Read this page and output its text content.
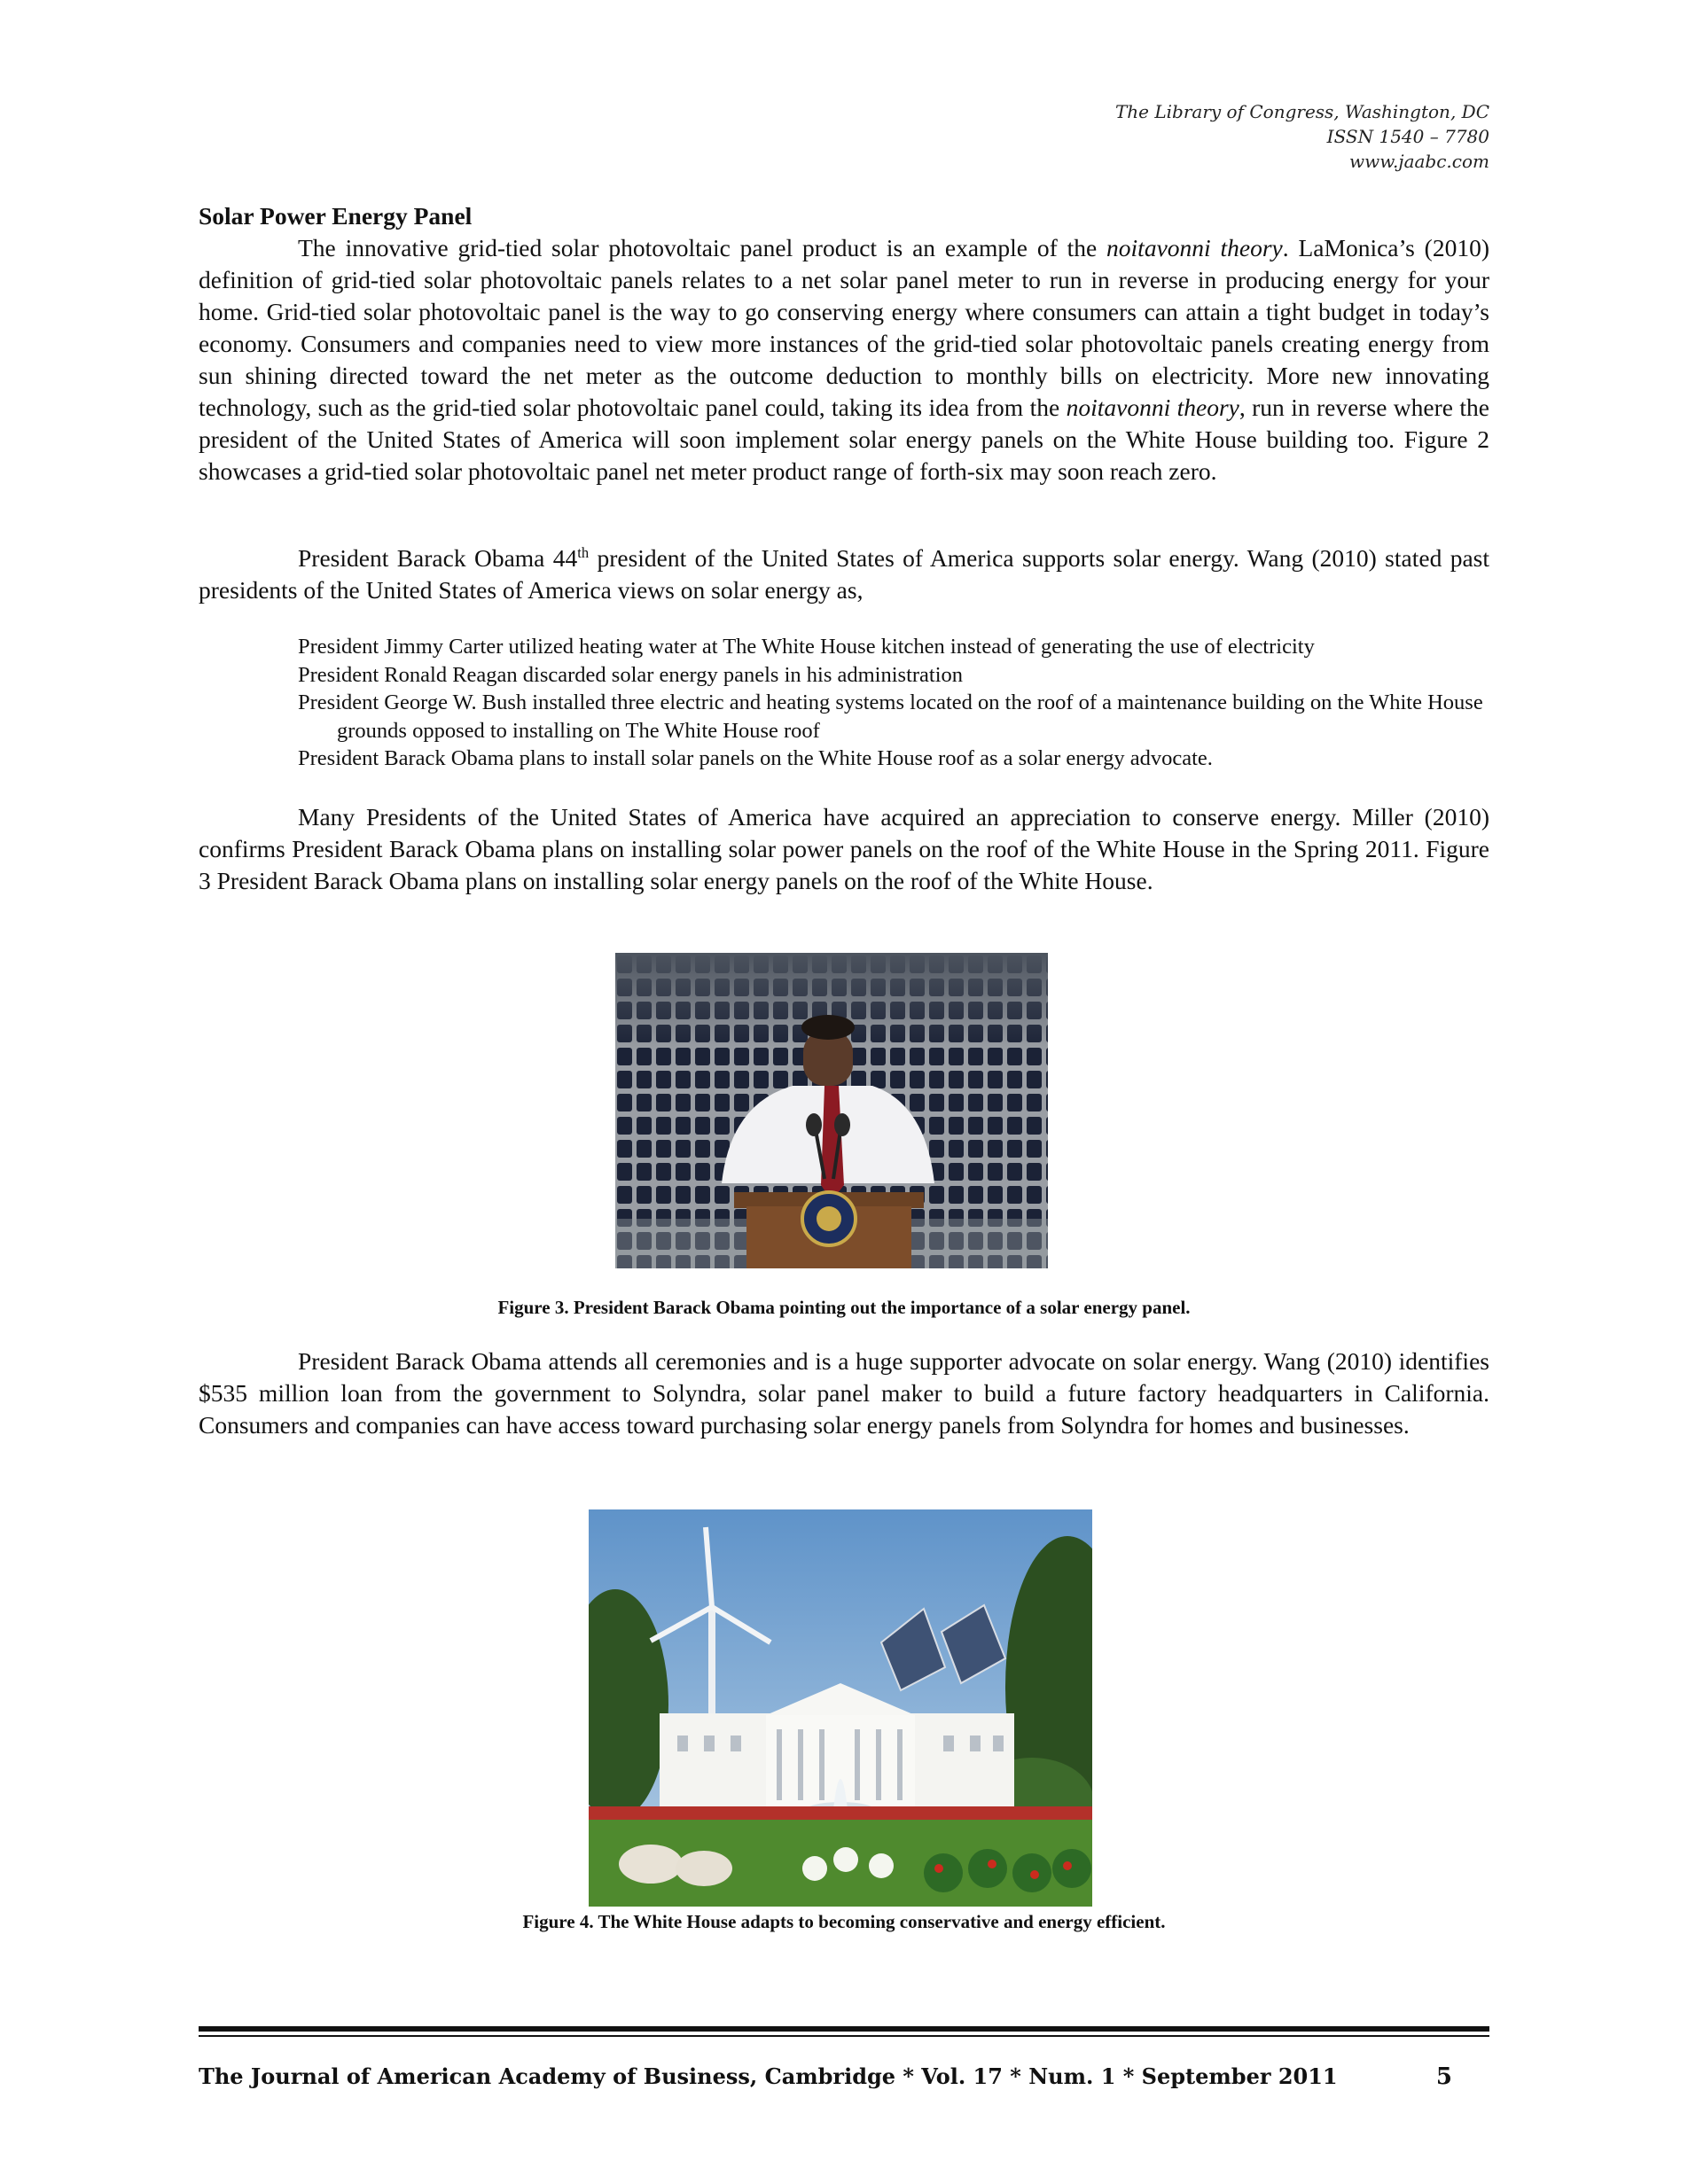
The Library of Congress, Washington, DC
ISSN 1540 – 7780
www.jaabc.com

Solar Power Energy Panel

The innovative grid-tied solar photovoltaic panel product is an example of the noitavonni theory. LaMonica’s (2010) definition of grid-tied solar photovoltaic panels relates to a net solar panel meter to run in reverse in producing energy for your home. Grid-tied solar photovoltaic panel is the way to go conserving energy where consumers can attain a tight budget in today’s economy. Consumers and companies need to view more instances of the grid-tied solar photovoltaic panels creating energy from sun shining directed toward the net meter as the outcome deduction to monthly bills on electricity. More new innovating technology, such as the grid-tied solar photovoltaic panel could, taking its idea from the noitavonni theory, run in reverse where the president of the United States of America will soon implement solar energy panels on the White House building too. Figure 2 showcases a grid-tied solar photovoltaic panel net meter product range of forth-six may soon reach zero.

President Barack Obama 44th president of the United States of America supports solar energy. Wang (2010) stated past presidents of the United States of America views on solar energy as,

President Jimmy Carter utilized heating water at The White House kitchen instead of generating the use of electricity
President Ronald Reagan discarded solar energy panels in his administration
President George W. Bush installed three electric and heating systems located on the roof of a maintenance building on the White House grounds opposed to installing on The White House roof
President Barack Obama plans to install solar panels on the White House roof as a solar energy advocate.

Many Presidents of the United States of America have acquired an appreciation to conserve energy. Miller (2010) confirms President Barack Obama plans on installing solar power panels on the roof of the White House in the Spring 2011. Figure 3 President Barack Obama plans on installing solar energy panels on the roof of the White House.

Figure 3. President Barack Obama pointing out the importance of a solar energy panel.

President Barack Obama attends all ceremonies and is a huge supporter advocate on solar energy. Wang (2010) identifies $535 million loan from the government to Solyndra, solar panel maker to build a future factory headquarters in California. Consumers and companies can have access toward purchasing solar energy panels from Solyndra for homes and businesses.

Figure 4. The White House adapts to becoming conservative and energy efficient.
The Journal of American Academy of Business, Cambridge * Vol. 17 * Num. 1 * September 2011	5
